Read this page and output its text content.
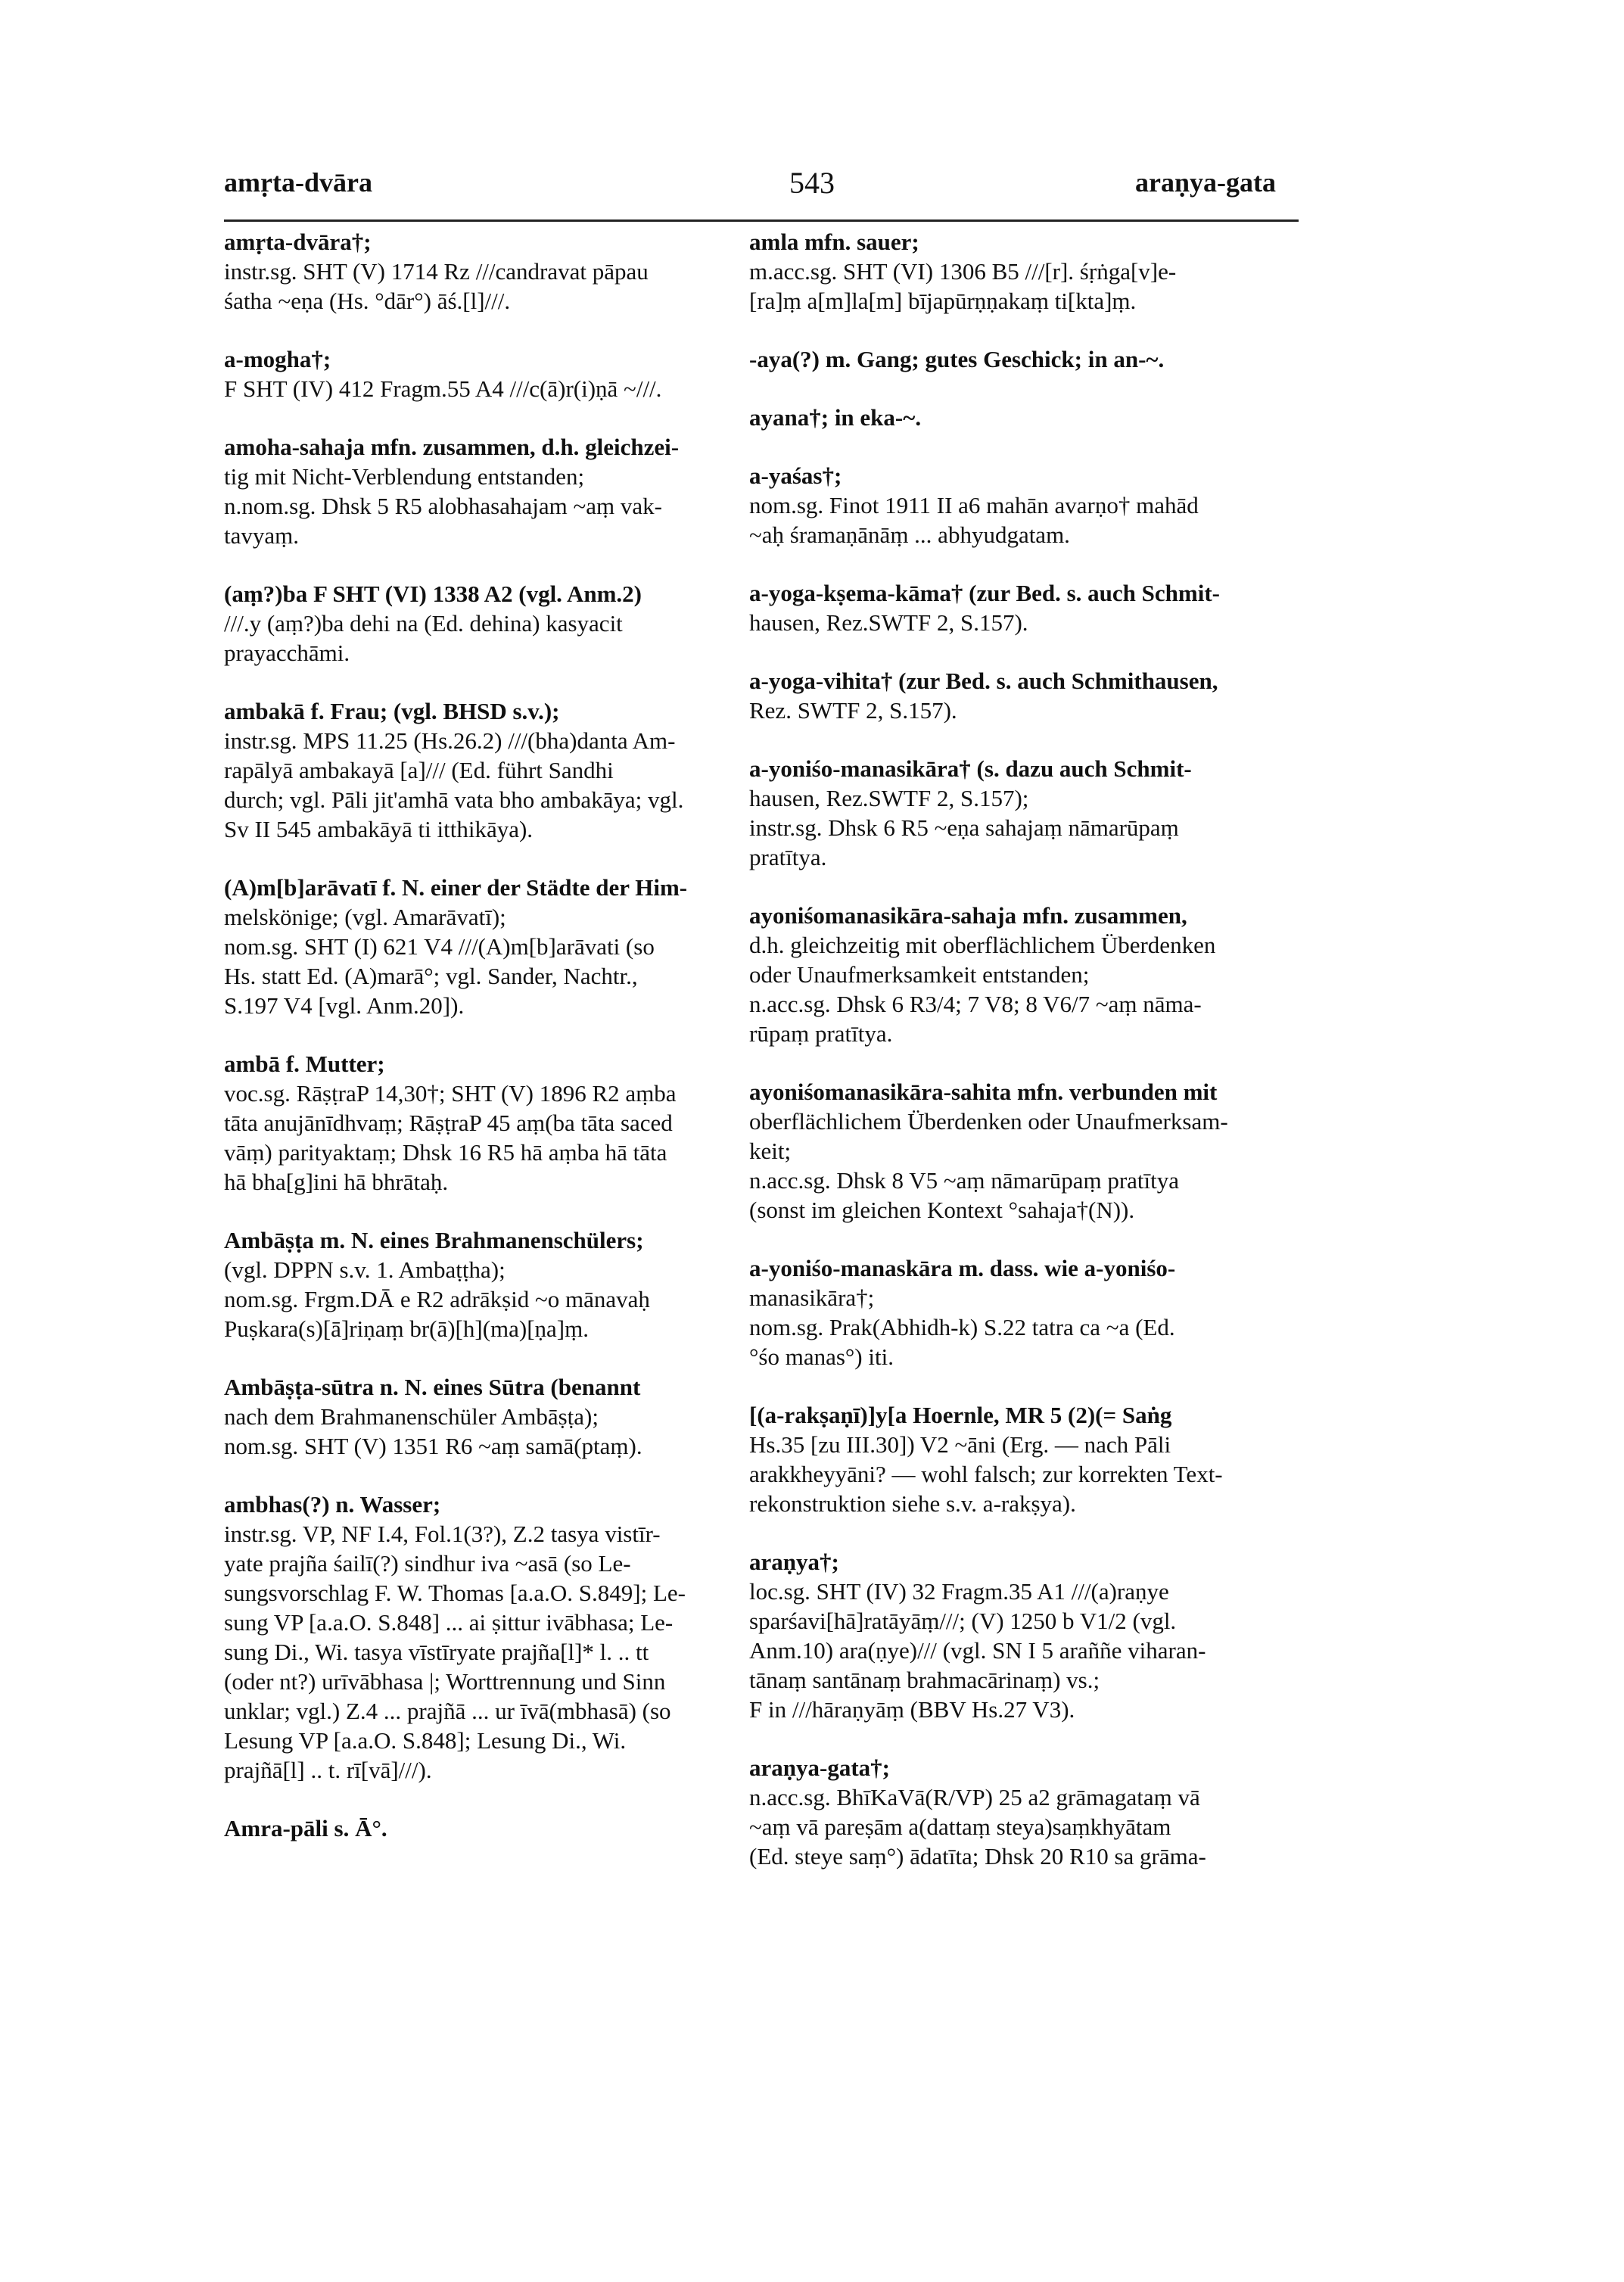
amṛta-dvāra	543	araṇya-gata

amṛta-dvāra†;

instr.sg. SHT (V) 1714 Rz ///candravat pāpau

śatha ~eṇa (Hs. °dār°) āś.[l]///.

a-mogha†;

F SHT (IV) 412 Fragm.55 A4 ///c(ā)r(i)ṇā ~///.

amoha-sahaja mfn. zusammen, d.h. gleichzei-

tig mit Nicht-Verblendung entstanden;

n.nom.sg. Dhsk 5 R5 alobhasahajam ~aṃ vak-

tavyaṃ.

(aṃ?)ba F SHT (VI) 1338 A2 (vgl. Anm.2)

///.y (aṃ?)ba dehi na (Ed. dehina) kasyacit

prayacchāmi.

ambakā f. Frau; (vgl. BHSD s.v.);

instr.sg. MPS 11.25 (Hs.26.2) ///(bha)danta Am-

rapālyā ambakayā [a]/// (Ed. führt Sandhi

durch; vgl. Pāli jit'amhā vata bho ambakāya; vgl.

Sv II 545 ambakāyā ti itthikāya).

(A)m[b]arāvatī f. N. einer der Städte der Him-

melskönige; (vgl. Amarāvatī);

nom.sg. SHT (I) 621 V4 ///(A)m[b]arāvati (so

Hs. statt Ed. (A)marā°; vgl. Sander, Nachtr.,

S.197 V4 [vgl. Anm.20]).

ambā f. Mutter;

voc.sg. RāṣṭraP 14,30†; SHT (V) 1896 R2 aṃba

tāta anujānīdhvaṃ; RāṣṭraP 45 aṃ(ba tāta saced

vāṃ) parityaktaṃ; Dhsk 16 R5 hā aṃba hā tāta

hā bha[g]ini hā bhrātaḥ.

Ambāṣṭa m. N. eines Brahmanenschülers;

(vgl. DPPN s.v. 1. Ambaṭṭha);

nom.sg. Frgm.DĀ e R2 adrākṣid ~o mānavaḥ

Puṣkara(s)[ā]riṇaṃ br(ā)[h](ma)[ṇa]ṃ.

Ambāṣṭa-sūtra n. N. eines Sūtra (benannt

nach dem Brahmanenschüler Ambāṣṭa);

nom.sg. SHT (V) 1351 R6 ~aṃ samā(ptaṃ).

ambhas(?) n. Wasser;

instr.sg. VP, NF I.4, Fol.1(3?), Z.2 tasya vistīr-

yate prajña śailī(?) sindhur iva ~asā (so Le-

sungsvorschlag F. W. Thomas [a.a.O. S.849]; Le-

sung VP [a.a.O. S.848] ... ai ṣittur ivābhasa; Le-

sung Di., Wi. tasya vīstīryate prajña[l]* l. .. tt

(oder nt?) urīvābhasa |; Worttrennung und Sinn

unklar; vgl.) Z.4 ... prajñā ... ur īvā(mbhasā) (so

Lesung VP [a.a.O. S.848]; Lesung Di., Wi.

prajñā[l] .. t. rī[vā]///).

Amra-pāli s. Ā°.

amla mfn. sauer;

m.acc.sg. SHT (VI) 1306 B5 ///[r]. śṛṅga[v]e-

[ra]ṃ a[m]la[m] bījapūrṇṇakaṃ ti[kta]ṃ.

-aya(?) m. Gang; gutes Geschick; in an-~.

ayana†; in eka-~.

a-yaśas†;

nom.sg. Finot 1911 II a6 mahān avarṇo† mahād

~aḥ śramaṇānāṃ ... abhyudgatam.

a-yoga-kṣema-kāma† (zur Bed. s. auch Schmit-

hausen, Rez.SWTF 2, S.157).

a-yoga-vihita† (zur Bed. s. auch Schmithausen,

Rez. SWTF 2, S.157).

a-yoniśo-manasikāra† (s. dazu auch Schmit-

hausen, Rez.SWTF 2, S.157);

instr.sg. Dhsk 6 R5 ~eṇa sahajaṃ nāmarūpaṃ

pratītya.

ayoniśomanasikāra-sahaja mfn. zusammen,

d.h. gleichzeitig mit oberflächlichem Überdenken

oder Unaufmerksamkeit entstanden;

n.acc.sg. Dhsk 6 R3/4; 7 V8; 8 V6/7 ~aṃ nāma-

rūpaṃ pratītya.

ayoniśomanasikāra-sahita mfn. verbunden mit

oberflächlichem Überdenken oder Unaufmerksam-

keit;

n.acc.sg. Dhsk 8 V5 ~aṃ nāmarūpaṃ pratītya

(sonst im gleichen Kontext °sahaja†(N)).

a-yoniśo-manaskāra m. dass. wie a-yoniśo-

manasikāra†;

nom.sg. Prak(Abhidh-k) S.22 tatra ca ~a (Ed.

°śo manas°) iti.

[(a-rakṣaṇī)]y[a Hoernle, MR 5 (2)(= Saṅg

Hs.35 [zu III.30]) V2 ~āni (Erg. — nach Pāli

arakkheyyāni? — wohl falsch; zur korrekten Text-

rekonstruktion siehe s.v. a-rakṣya).

araṇya†;

loc.sg. SHT (IV) 32 Fragm.35 A1 ///(a)raṇye

sparśavi[hā]ratāyāṃ///; (V) 1250 b V1/2 (vgl.

Anm.10) ara(ṇye)/// (vgl. SN I 5 araññe viharan-

tānaṃ santānaṃ brahmacārinaṃ) vs.;

F in ///hāraṇyāṃ (BBV Hs.27 V3).

araṇya-gata†;

n.acc.sg. BhīKaVā(R/VP) 25 a2 grāmagataṃ vā

~aṃ vā pareṣām a(dattaṃ steya)saṃkhyātam

(Ed. steye saṃ°) ādatīta; Dhsk 20 R10 sa grāma-
